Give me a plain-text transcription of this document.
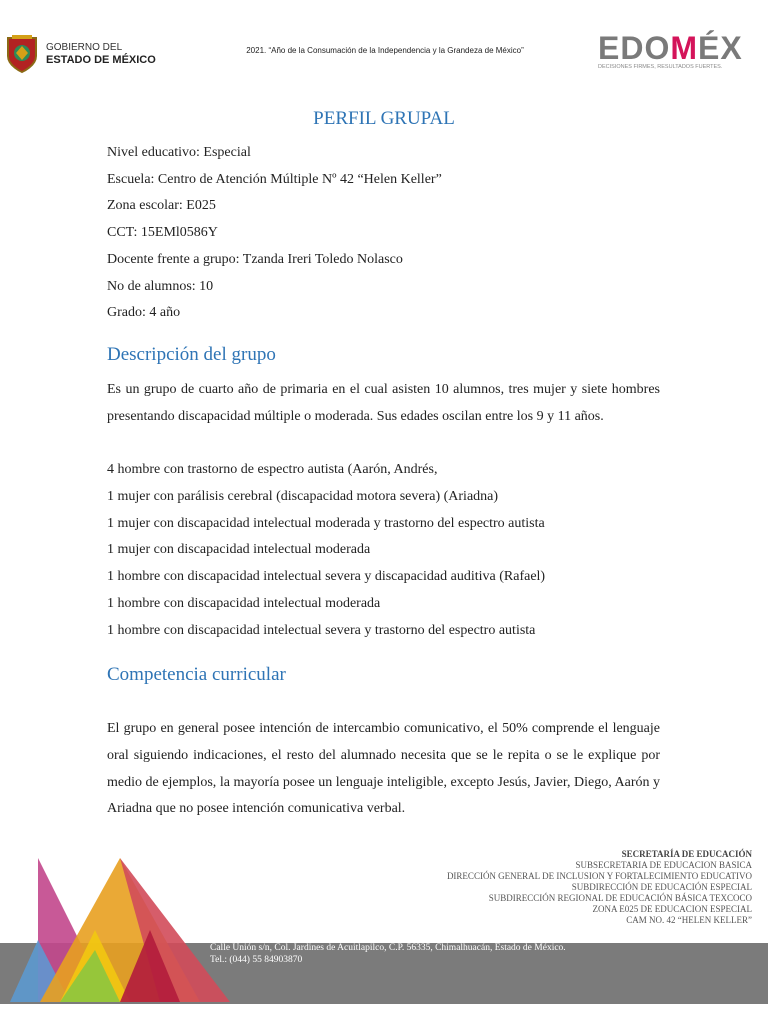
GOBIERNO DEL
ESTADO DE MÉXICO
2021. “Año de la Consumación de la Independencia y la Grandeza de México”	EDOMÉX
DECISIONES FIRMES, RESULTADOS FUERTES.
PERFIL GRUPAL
Nivel educativo: Especial
Escuela: Centro de Atención Múltiple Nº 42 “Helen Keller”
Zona escolar: E025
CCT: 15EMl0586Y
Docente frente a grupo: Tzanda Ireri Toledo Nolasco
No de alumnos: 10
Grado: 4 año
Descripción del grupo
Es un grupo de cuarto año de primaria en el cual asisten 10 alumnos, tres mujer y siete hombres presentando discapacidad múltiple o moderada. Sus edades oscilan entre los 9 y 11 años.
4 hombre con trastorno de espectro autista (Aarón, Andrés,
1 mujer con parálisis cerebral (discapacidad motora severa) (Ariadna)
1 mujer con discapacidad intelectual moderada y trastorno del espectro autista
1 mujer con discapacidad intelectual moderada
1 hombre con discapacidad intelectual severa y discapacidad auditiva (Rafael)
1 hombre con discapacidad intelectual moderada
1 hombre con discapacidad intelectual severa y trastorno del espectro autista
Competencia curricular
El grupo en general posee intención de intercambio comunicativo, el 50% comprende el lenguaje oral siguiendo indicaciones, el resto del alumnado necesita que se le repita o se le explique por medio de ejemplos, la mayoría posee un lenguaje inteligible, excepto Jesús, Javier, Diego, Aarón y Ariadna que no posee intención comunicativa verbal.
Calle Unión s/n, Col. Jardines de Acuitlapilco, C.P. 56335, Chimalhuacán, Estado de México.
Tel.: (044) 55 84903870
SECRETARÍA DE EDUCACIÓN
SUBSECRETARIA DE EDUCACION BASICA
DIRECCIÓN GENERAL DE INCLUSION Y FORTALECIMIENTO EDUCATIVO
SUBDIRECCIÓN DE EDUCACIÓN ESPECIAL
SUBDIRECCIÓN REGIONAL DE EDUCACIÓN BÁSICA TEXCOCO
ZONA E025 DE EDUCACION ESPECIAL
CAM NO. 42 “HELEN KELLER”
